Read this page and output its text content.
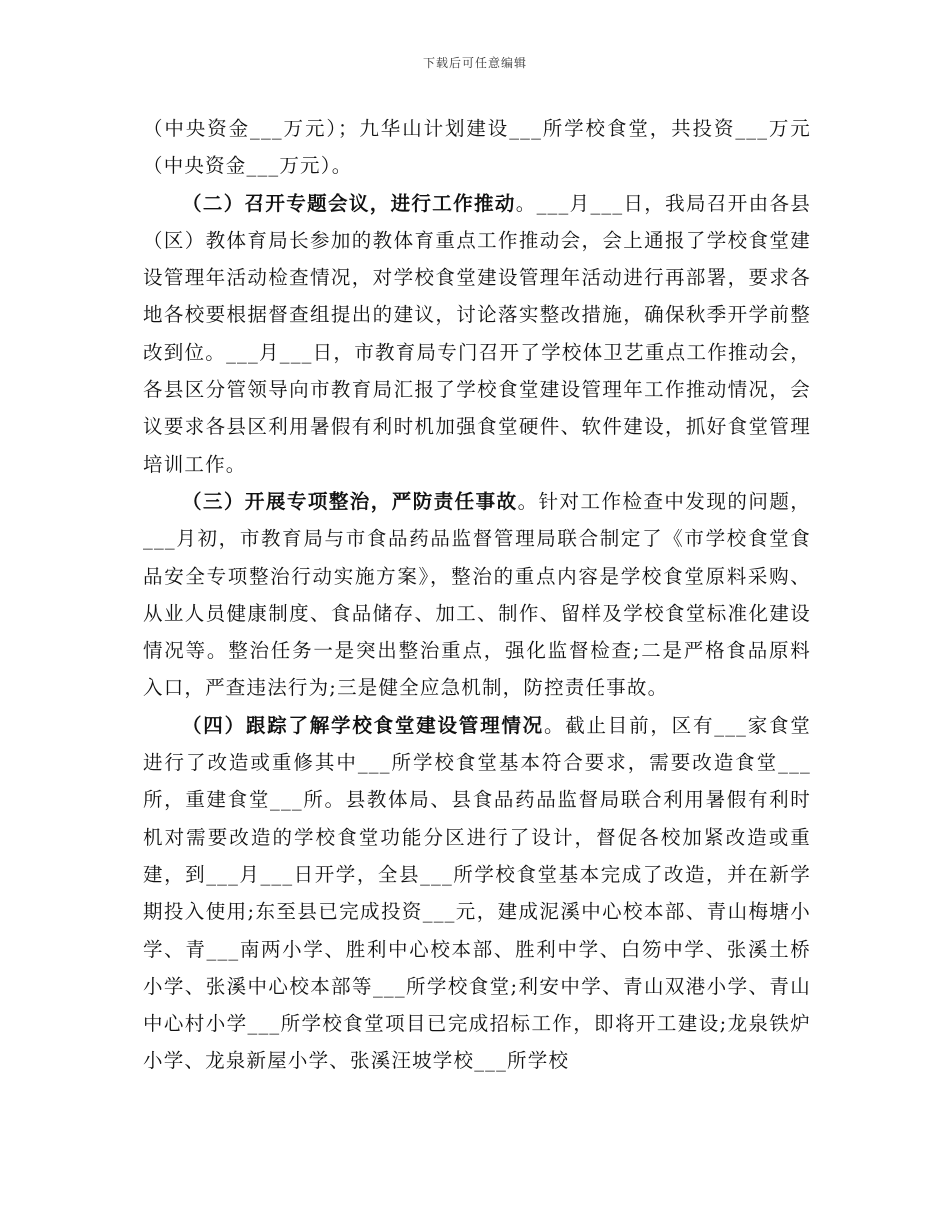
下载后可任意编辑

（中央资金___万元）；九华山计划建设___所学校食堂，共投资___万元（中央资金___万元）。

（二）召开专题会议，进行工作推动。___月___日，我局召开由各县（区）教体育局长参加的教体育重点工作推动会，会上通报了学校食堂建设管理年活动检查情况，对学校食堂建设管理年活动进行再部署，要求各地各校要根据督查组提出的建议，讨论落实整改措施，确保秋季开学前整改到位。___月___日，市教育局专门召开了学校体卫艺重点工作推动会，各县区分管领导向市教育局汇报了学校食堂建设管理年工作推动情况，会议要求各县区利用暑假有利时机加强食堂硬件、软件建设，抓好食堂管理培训工作。

（三）开展专项整治，严防责任事故。针对工作检查中发现的问题，___月初，市教育局与市食品药品监督管理局联合制定了《市学校食堂食品安全专项整治行动实施方案》，整治的重点内容是学校食堂原料采购、从业人员健康制度、食品储存、加工、制作、留样及学校食堂标准化建设情况等。整治任务一是突出整治重点，强化监督检查;二是严格食品原料入口，严查违法行为;三是健全应急机制，防控责任事故。

（四）跟踪了解学校食堂建设管理情况。截止目前，区有___家食堂进行了改造或重修其中___所学校食堂基本符合要求，需要改造食堂___所，重建食堂___所。县教体局、县食品药品监督局联合利用暑假有利时机对需要改造的学校食堂功能分区进行了设计，督促各校加紧改造或重建，到___月___日开学，全县___所学校食堂基本完成了改造，并在新学期投入使用;东至县已完成投资___元，建成泥溪中心校本部、青山梅塘小学、青___南两小学、胜利中心校本部、胜利中学、白笏中学、张溪土桥小学、张溪中心校本部等___所学校食堂;利安中学、青山双港小学、青山中心村小学___所学校食堂项目已完成招标工作，即将开工建设;龙泉铁炉小学、龙泉新屋小学、张溪汪坡学校___所学校
